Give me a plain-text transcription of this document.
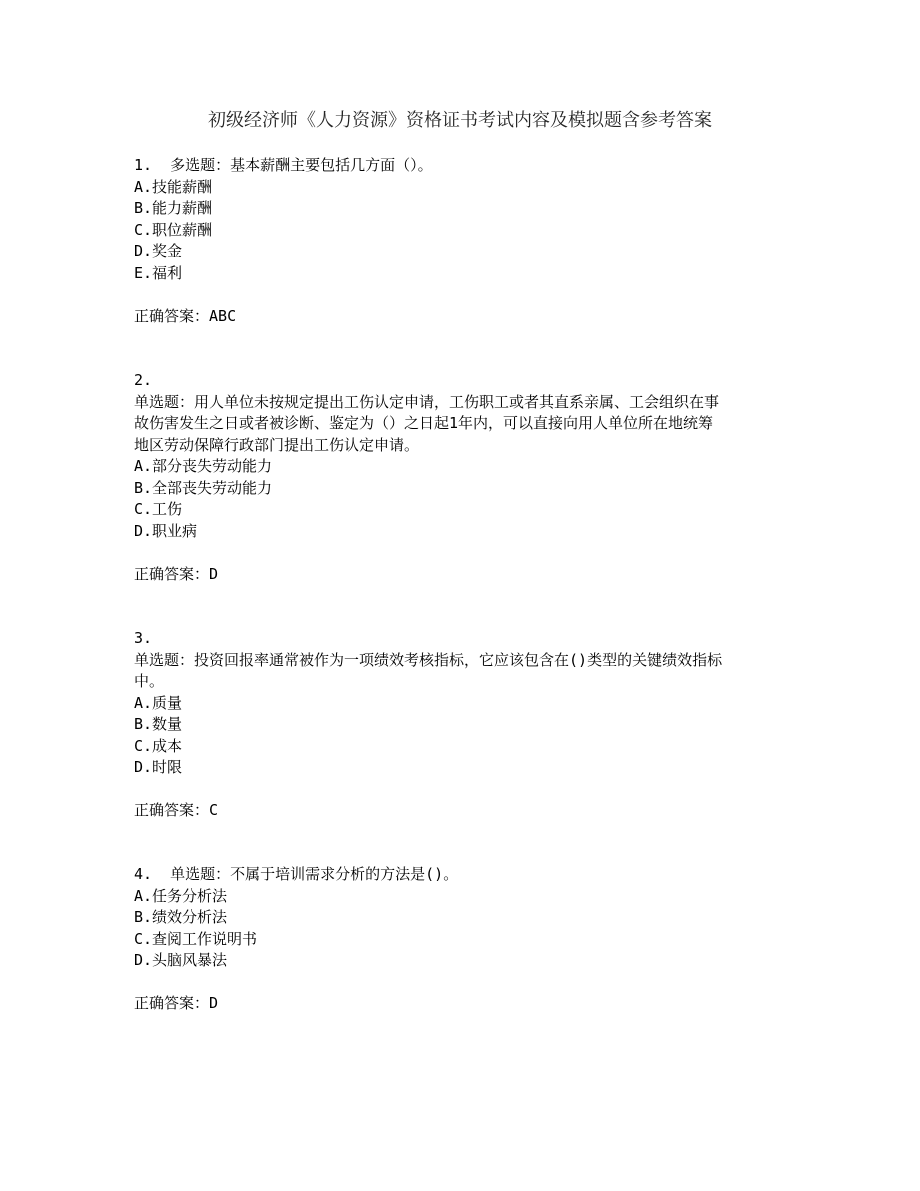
初级经济师《人力资源》资格证书考试内容及模拟题含参考答案
1. 多选题：基本薪酬主要包括几方面（）。
A.技能薪酬
B.能力薪酬
C.职位薪酬
D.奖金
E.福利
正确答案：ABC
2.
单选题：用人单位未按规定提出工伤认定申请，工伤职工或者其直系亲属、工会组织在事
故伤害发生之日或者被诊断、鉴定为（）之日起1年内，可以直接向用人单位所在地统筹
地区劳动保障行政部门提出工伤认定申请。
A.部分丧失劳动能力
B.全部丧失劳动能力
C.工伤
D.职业病
正确答案：D
3.
单选题：投资回报率通常被作为一项绩效考核指标，它应该包含在()类型的关键绩效指标
中。
A.质量
B.数量
C.成本
D.时限
正确答案：C
4. 单选题：不属于培训需求分析的方法是()。
A.任务分析法
B.绩效分析法
C.查阅工作说明书
D.头脑风暴法
正确答案：D
